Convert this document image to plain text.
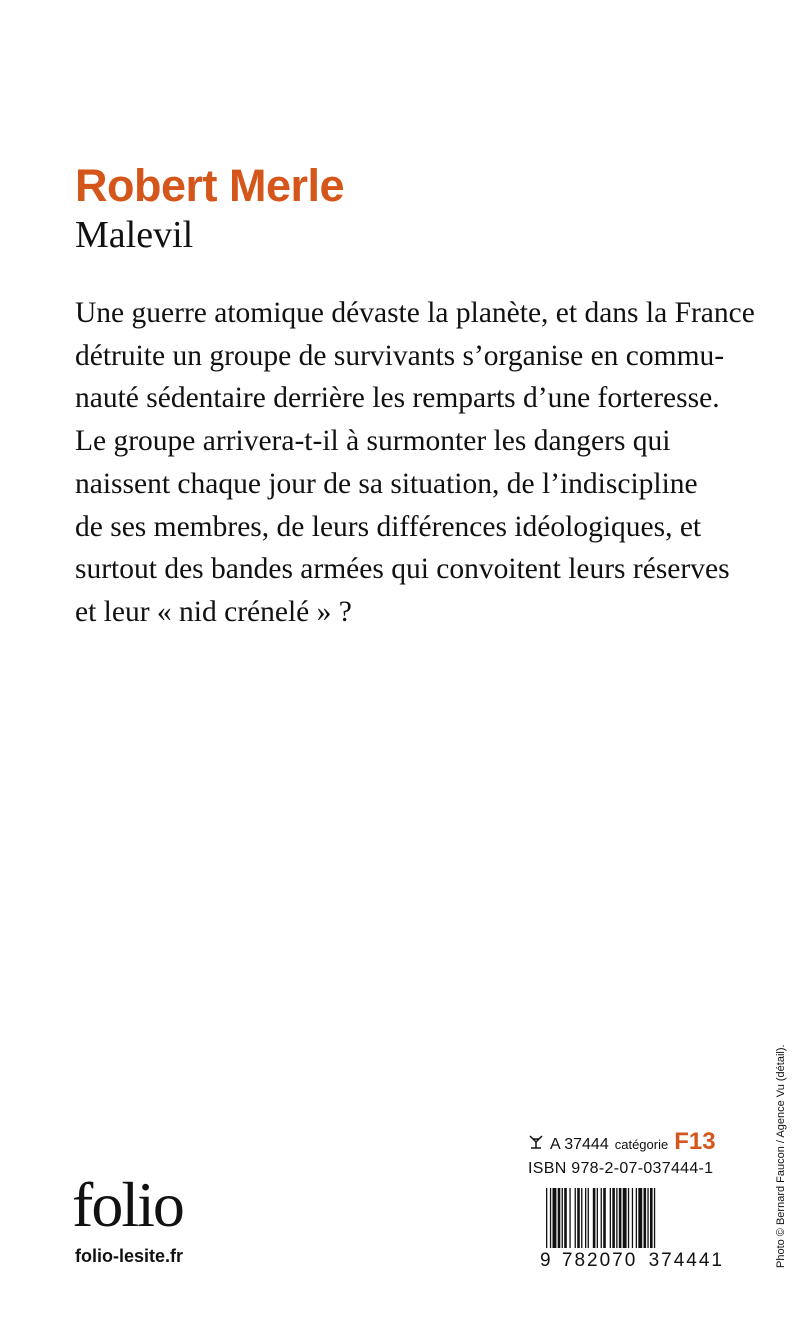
Robert Merle
Malevil
Une guerre atomique dévaste la planète, et dans la France
détruite un groupe de survivants s’organise en commu-
nauté sédentaire derrière les remparts d’une forteresse.
Le groupe arrivera-t-il à surmonter les dangers qui
naissent chaque jour de sa situation, de l’indiscipline
de ses membres, de leurs différences idéologiques, et
surtout des bandes armées qui convoitent leurs réserves
et leur « nid crénelé » ?
A 37444 catégorie F13
ISBN 978-2-07-037444-1
folio
folio-lesite.fr	9 782070 374441	Photo © Bernard Faucon / Agence Vu (détail).
